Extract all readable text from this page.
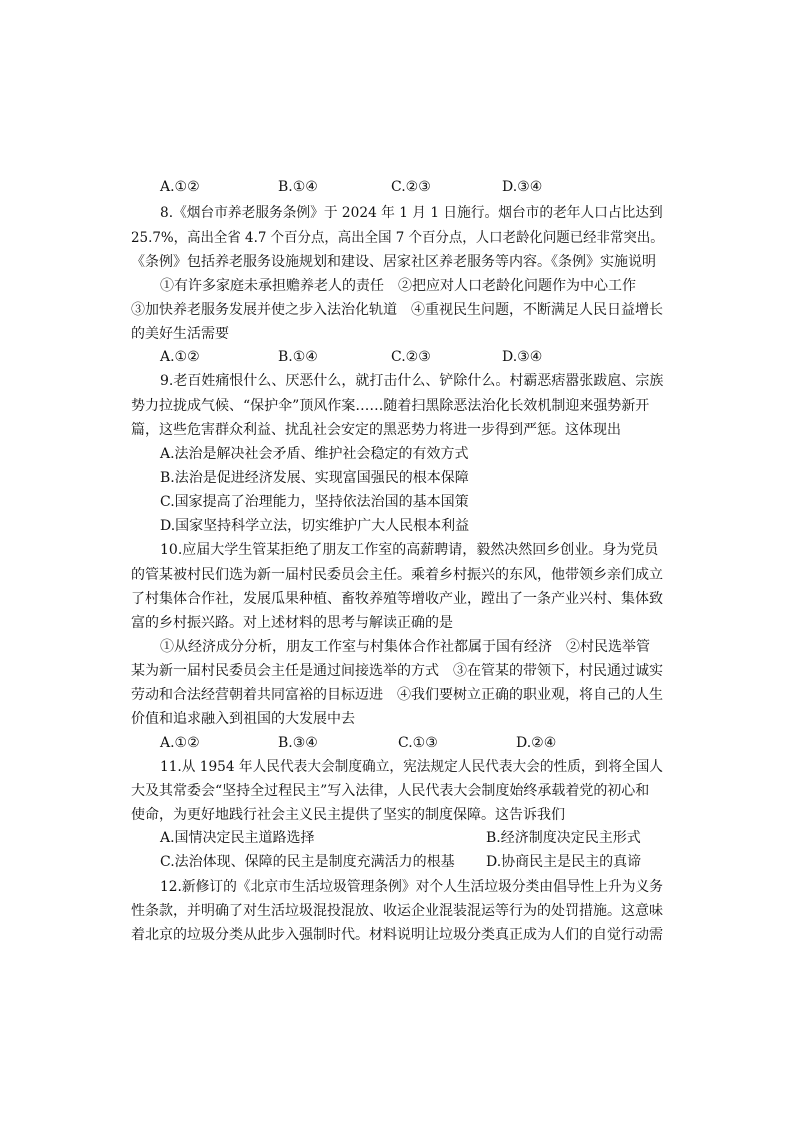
A.①②	B.①④	C.②③	D.③④
8.《烟台市养老服务条例》于 2024 年 1 月 1 日施行。烟台市的老年人口占比达到
25.7%，高出全省 4.7 个百分点，高出全国 7 个百分点，人口老龄化问题已经非常突出。
《条例》包括养老服务设施规划和建设、居家社区养老服务等内容。《条例》实施说明
①有许多家庭未承担赡养老人的责任　②把应对人口老龄化问题作为中心工作
③加快养老服务发展并使之步入法治化轨道　④重视民生问题，不断满足人民日益增长
的美好生活需要
A.①②	B.①④	C.②③	D.③④
9.老百姓痛恨什么、厌恶什么，就打击什么、铲除什么。村霸恶痞嚣张跋扈、宗族
势力拉拢成气候、“保护伞”顶风作案……随着扫黑除恶法治化长效机制迎来强势新开
篇，这些危害群众利益、扰乱社会安定的黑恶势力将进一步得到严惩。这体现出
A.法治是解决社会矛盾、维护社会稳定的有效方式
B.法治是促进经济发展、实现富国强民的根本保障
C.国家提高了治理能力，坚持依法治国的基本国策
D.国家坚持科学立法，切实维护广大人民根本利益
10.应届大学生管某拒绝了朋友工作室的高薪聘请，毅然决然回乡创业。身为党员
的管某被村民们选为新一届村民委员会主任。乘着乡村振兴的东风，他带领乡亲们成立
了村集体合作社，发展瓜果种植、畜牧养殖等增收产业，蹚出了一条产业兴村、集体致
富的乡村振兴路。对上述材料的思考与解读正确的是
①从经济成分分析，朋友工作室与村集体合作社都属于国有经济　②村民选举管
某为新一届村民委员会主任是通过间接选举的方式　③在管某的带领下，村民通过诚实
劳动和合法经营朝着共同富裕的目标迈进　④我们要树立正确的职业观，将自己的人生
价值和追求融入到祖国的大发展中去
A.①②	B.③④	C.①③	D.②④
11.从 1954 年人民代表大会制度确立，宪法规定人民代表大会的性质，到将全国人
大及其常委会“坚持全过程民主”写入法律，人民代表大会制度始终承载着党的初心和
使命，为更好地践行社会主义民主提供了坚实的制度保障。这告诉我们
A.国情决定民主道路选择	B.经济制度决定民主形式
C.法治体现、保障的民主是制度充满活力的根基 D.协商民主是民主的真谛
12.新修订的《北京市生活垃圾管理条例》对个人生活垃圾分类由倡导性上升为义务
性条款，并明确了对生活垃圾混投混放、收运企业混装混运等行为的处罚措施。这意味
着北京的垃圾分类从此步入强制时代。材料说明让垃圾分类真正成为人们的自觉行动需
